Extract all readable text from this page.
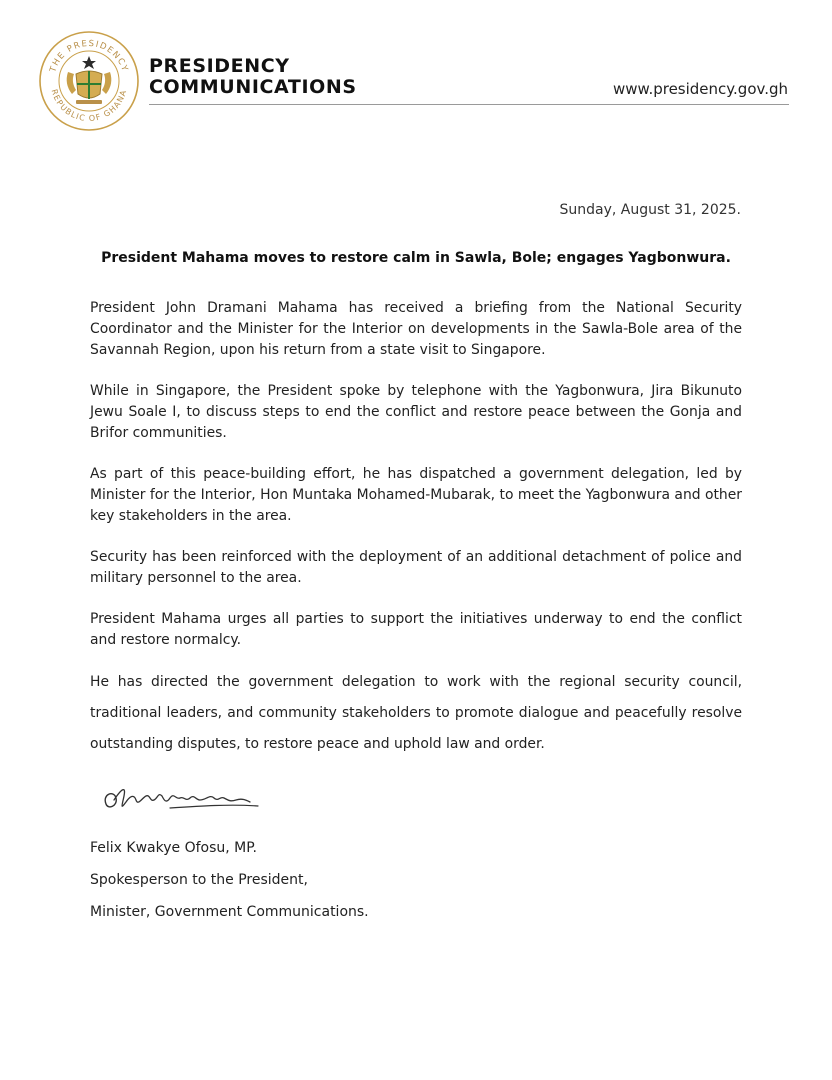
THE PRESIDENCY
REPUBLIC OF GHANA
PRESIDENCY
COMMUNICATIONS	www.presidency.gov.gh
Sunday, August 31, 2025.
President Mahama moves to restore calm in Sawla, Bole; engages Yagbonwura.

President John Dramani Mahama has received a briefing from the National Security Coordinator and the Minister for the Interior on developments in the Sawla-Bole area of the Savannah Region, upon his return from a state visit to Singapore.

While in Singapore, the President spoke by telephone with the Yagbonwura, Jira Bikunuto Jewu Soale I, to discuss steps to end the conflict and restore peace between the Gonja and Brifor communities.

As part of this peace-building effort, he has dispatched a government delegation, led by Minister for the Interior, Hon Muntaka Mohamed-Mubarak, to meet the Yagbonwura and other key stakeholders in the area.

Security has been reinforced with the deployment of an additional detachment of police and military personnel to the area.

President Mahama urges all parties to support the initiatives underway to end the conflict and restore normalcy.

He has directed the government delegation to work with the regional security council, traditional leaders, and community stakeholders to promote dialogue and peacefully resolve outstanding disputes, to restore peace and uphold law and order.

Felix Kwakye Ofosu, MP.
Spokesperson to the President,
Minister, Government Communications.
